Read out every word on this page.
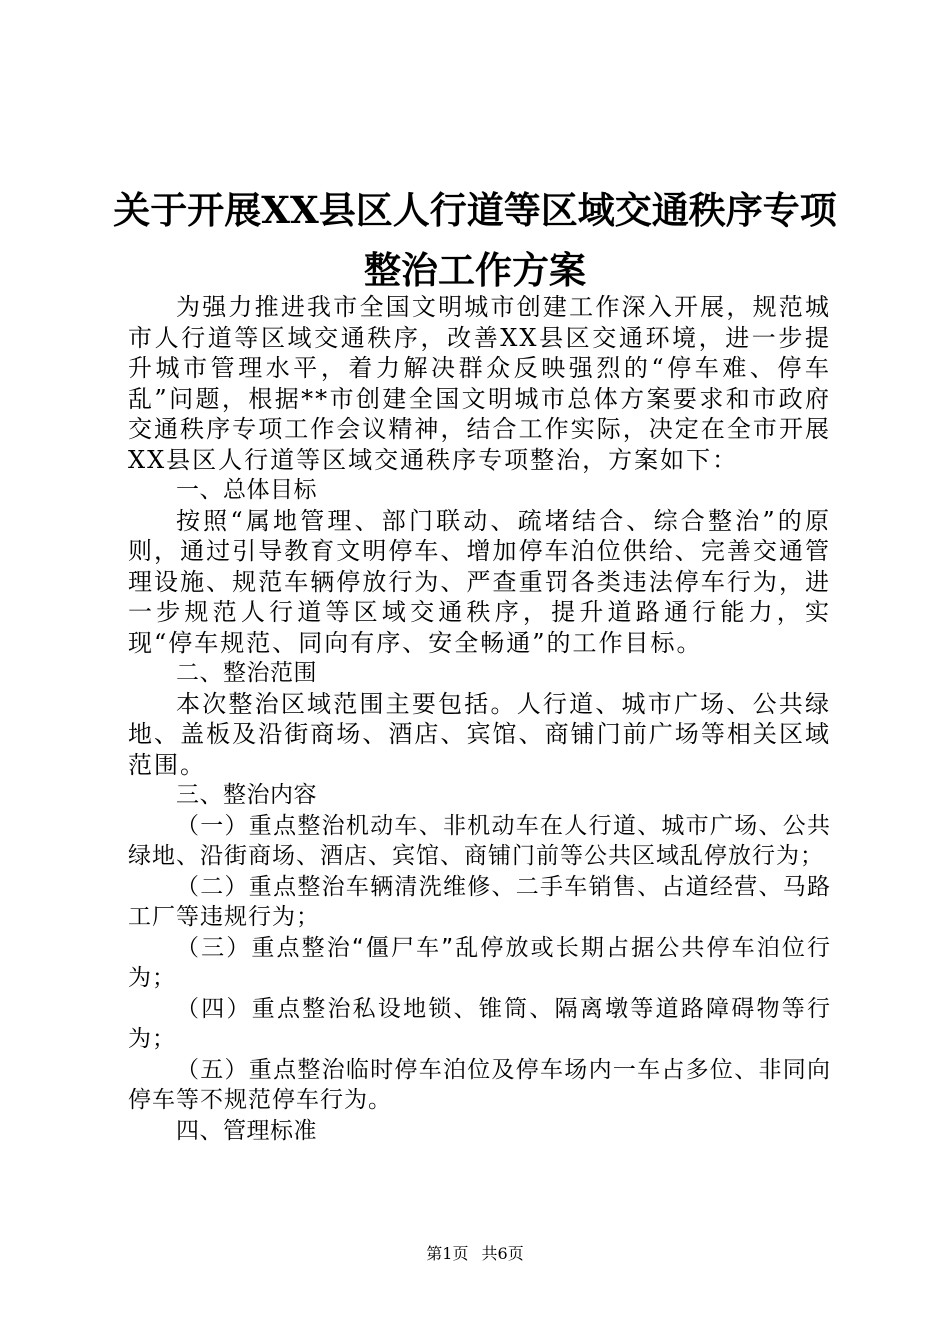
关于开展XX县区人行道等区域交通秩序专项
整治工作方案

为强力推进我市全国文明城市创建工作深入开展，规范城市人行道等区域交通秩序，改善XX县区交通环境，进一步提升城市管理水平，着力解决群众反映强烈的“停车难、停车乱”问题，根据**市创建全国文明城市总体方案要求和市政府交通秩序专项工作会议精神，结合工作实际，决定在全市开展XX县区人行道等区域交通秩序专项整治，方案如下：

一、总体目标

按照“属地管理、部门联动、疏堵结合、综合整治”的原则，通过引导教育文明停车、增加停车泊位供给、完善交通管理设施、规范车辆停放行为、严查重罚各类违法停车行为，进一步规范人行道等区域交通秩序，提升道路通行能力，实现“停车规范、同向有序、安全畅通”的工作目标。

二、整治范围

本次整治区域范围主要包括。人行道、城市广场、公共绿地、盖板及沿街商场、酒店、宾馆、商铺门前广场等相关区域范围。

三、整治内容

（一）重点整治机动车、非机动车在人行道、城市广场、公共绿地、沿街商场、酒店、宾馆、商铺门前等公共区域乱停放行为；

（二）重点整治车辆清洗维修、二手车销售、占道经营、马路工厂等违规行为；

（三）重点整治“僵尸车”乱停放或长期占据公共停车泊位行为；

（四）重点整治私设地锁、锥筒、隔离墩等道路障碍物等行为；

（五）重点整治临时停车泊位及停车场内一车占多位、非同向停车等不规范停车行为。

四、管理标准

第1页 共6页
